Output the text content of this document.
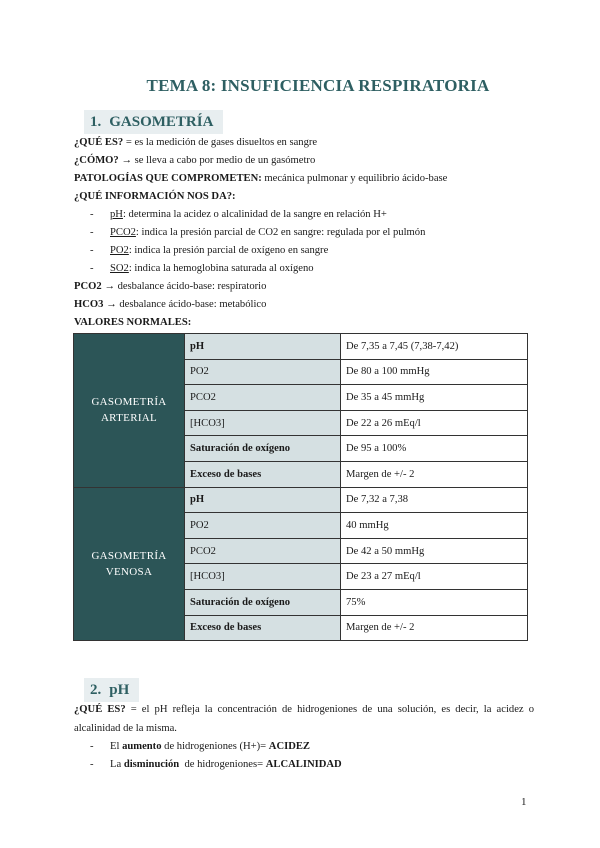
TEMA 8: INSUFICIENCIA RESPIRATORIA
1. GASOMETRÍA
¿QUÉ ES? = es la medición de gases disueltos en sangre
¿CÓMO? → se lleva a cabo por medio de un gasómetro
PATOLOGÍAS QUE COMPROMETEN: mecánica pulmonar y equilibrio ácido-base
¿QUÉ INFORMACIÓN NOS DA?:
- pH: determina la acidez o alcalinidad de la sangre en relación H+
- PCO2: indica la presión parcial de CO2 en sangre: regulada por el pulmón
- PO2: indica la presión parcial de oxígeno en sangre
- SO2: indica la hemoglobina saturada al oxígeno
PCO2 → desbalance ácido-base: respiratorio
HCO3 → desbalance ácido-base: metabólico
VALORES NORMALES:
GASOMETRÍA
ARTERIAL	pH	De 7,35 a 7,45 (7,38-7,42)
	PO2	De 80 a 100 mmHg
	PCO2	De 35 a 45 mmHg
	[HCO3]	De 22 a 26 mEq/l
	Saturación de oxígeno	De 95 a 100%
	Exceso de bases	Margen de +/- 2
GASOMETRÍA
VENOSA	pH	De 7,32 a 7,38
	PO2	40 mmHg
	PCO2	De 42 a 50 mmHg
	[HCO3]	De 23 a 27 mEq/l
	Saturación de oxígeno	75%
	Exceso de bases	Margen de +/- 2
2. pH
¿QUÉ ES? = el pH refleja la concentración de hidrogeniones de una solución, es decir, la acidez o alcalinidad de la misma.
- El aumento de hidrogeniones (H+)= ACIDEZ
- La disminución  de hidrogeniones= ALCALINIDAD
1
